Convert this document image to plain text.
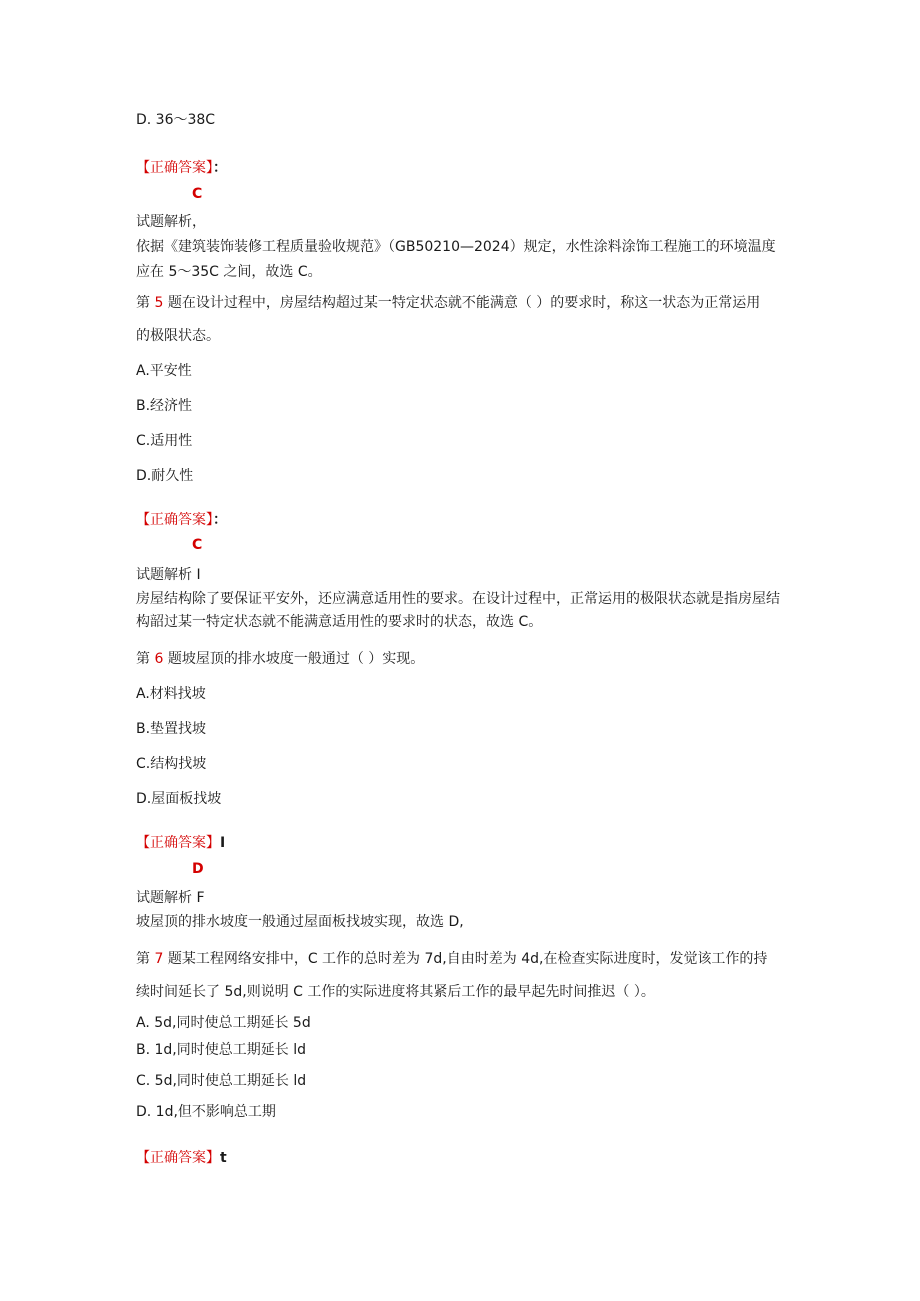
D. 36～38C
【正确答案】：
C
试题解析，
依据《建筑装饰装修工程质量验收规范》（GB50210—2024）规定，水性涂料涂饰工程施工的环境温度
应在 5～35C 之间，故选 C。
第 5 题在设计过程中，房屋结构超过某一特定状态就不能满意（ ）的要求时，称这一状态为正常运用
的极限状态。
A.平安性
B.经济性
C.适用性
D.耐久性
【正确答案】：
C
试题解析 I
房屋结构除了要保证平安外，还应满意适用性的要求。在设计过程中，正常运用的极限状态就是指房屋结
构韶过某一特定状态就不能满意适用性的要求时的状态，故选 C。
第 6 题坡屋顶的排水坡度一般通过（ ）实现。
A.材料找坡
B.垫置找坡
C.结构找坡
D.屋面板找坡
【正确答案】I
D
试题解析 F
坡屋顶的排水坡度一般通过屋面板找坡实现，故选 D,
第 7 题某工程网络安排中，C 工作的总时差为 7d,自由时差为 4d,在检查实际进度时，发觉该工作的持
续时间延长了 5d,则说明 C 工作的实际进度将其紧后工作的最早起先时间推迟（ ）。
A. 5d,同时使总工期延长 5d
B. 1d,同时使总工期延长 ld
C. 5d,同时使总工期延长 ld
D. 1d,但不影响总工期
【正确答案】t
